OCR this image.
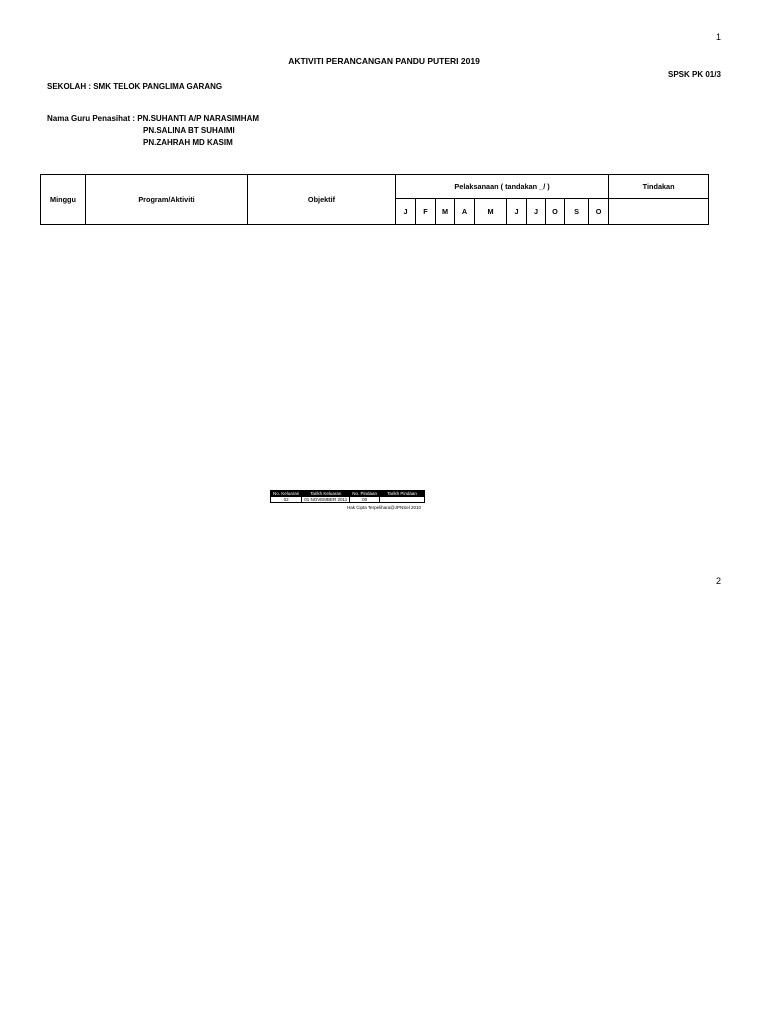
1
AKTIVITI PERANCANGAN PANDU PUTERI 2019
SPSK PK 01/3
SEKOLAH : SMK TELOK PANGLIMA GARANG
Nama Guru Penasihat : PN.SUHANTI A/P NARASIMHAM
PN.SALINA BT SUHAIMI
PN.ZAHRAH MD KASIM
Minggu	Program/Aktiviti	Objektif	Pelaksanaan ( tandakan _/ )										Tindakan
			J	F	M	A	M	J	J	O	S	O	
No. Keluaran	Tarikh Keluaran	No. Pindaan	Tarikh Pindaan
02	01 NOVEMBER 2011	00	
Hak Cipta Terpelihara@JPNSel 2010
2
